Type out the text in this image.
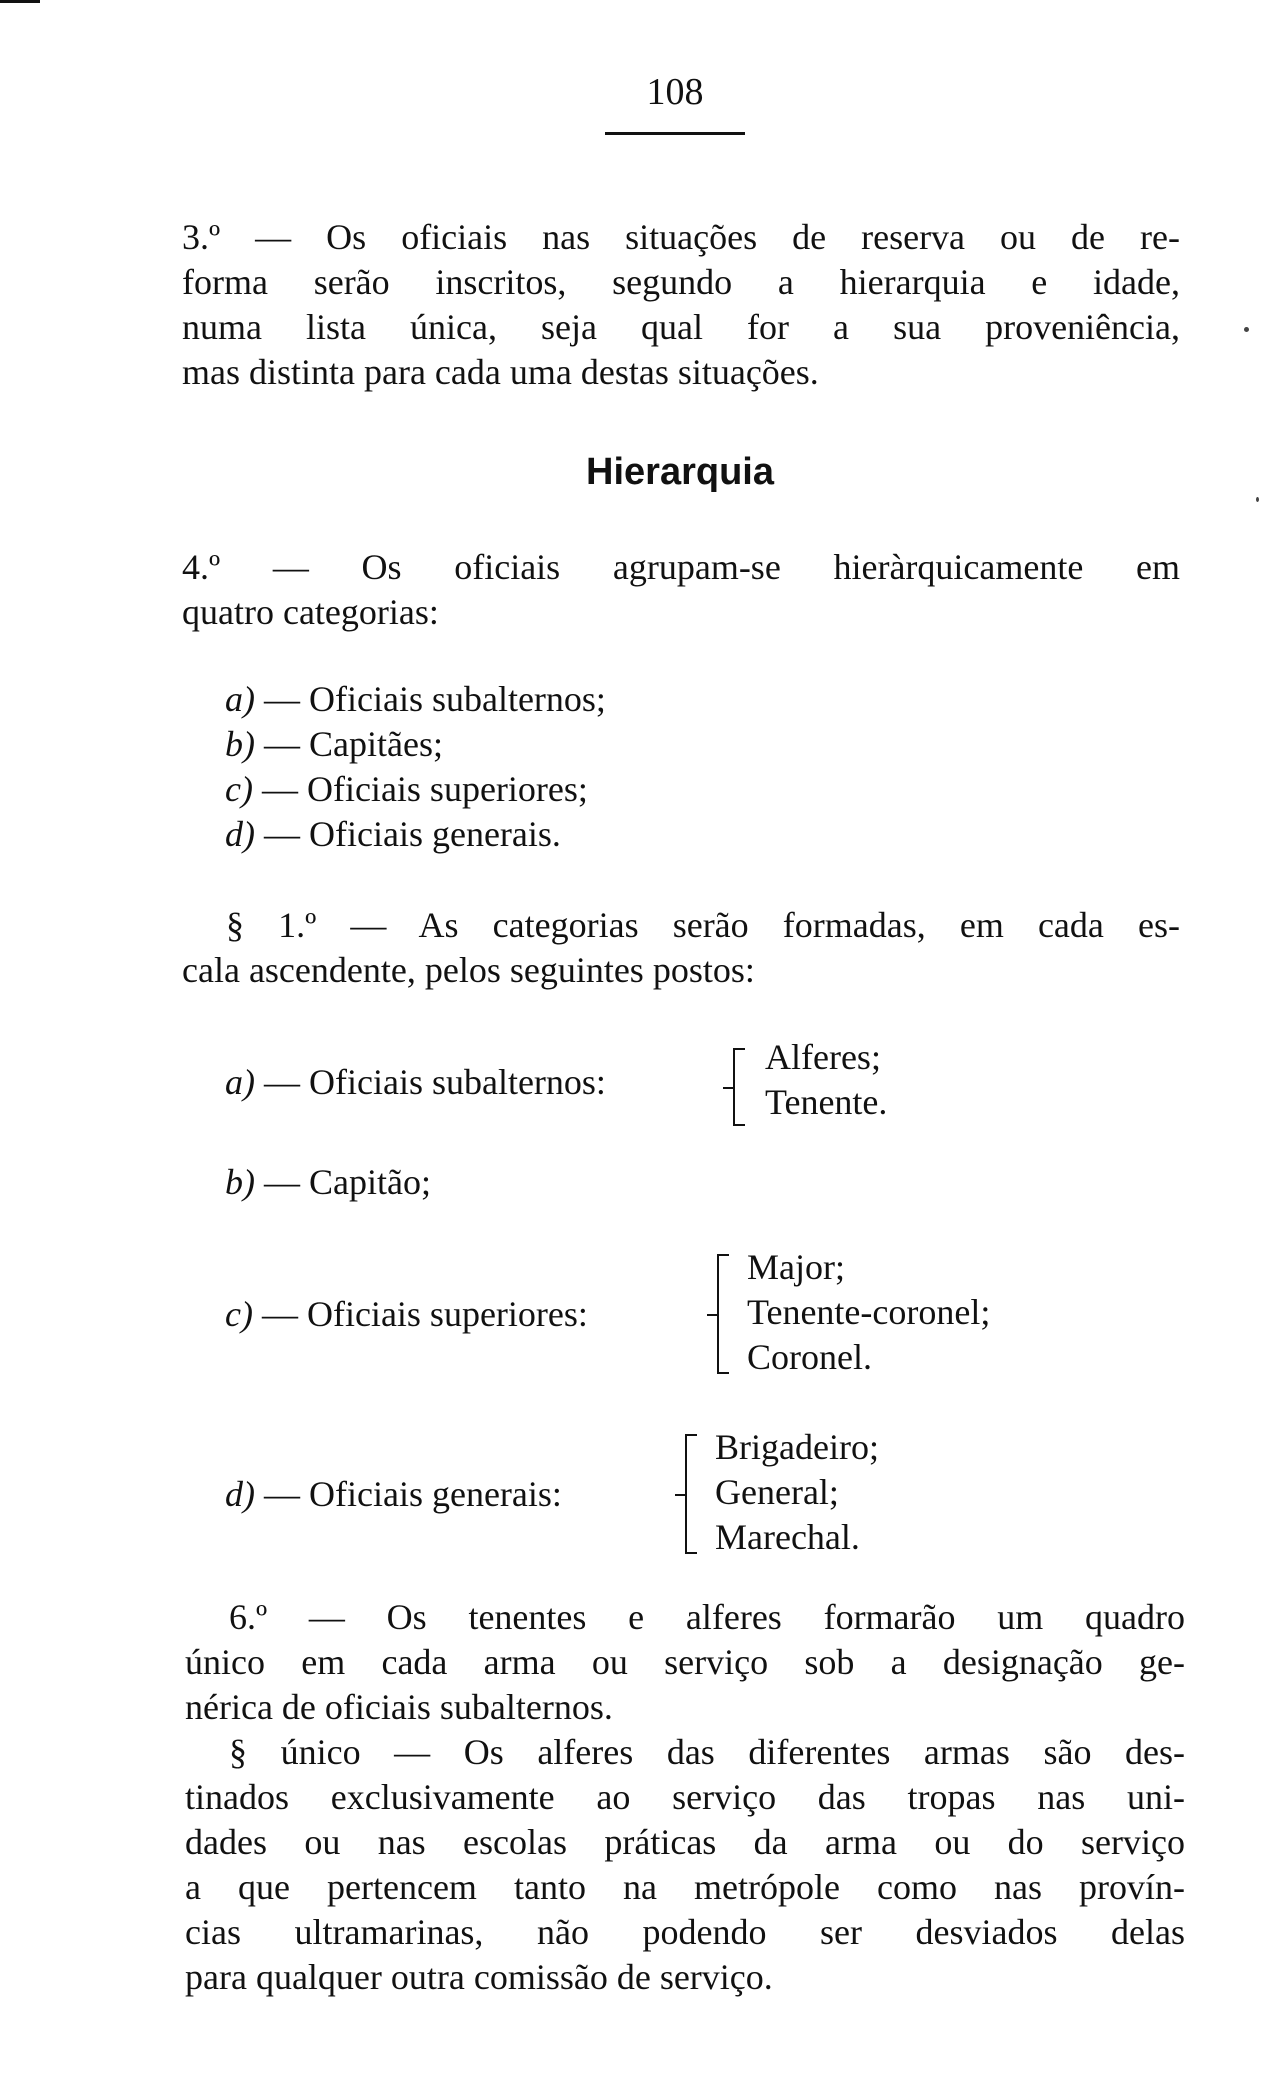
108
3.º — Os oficiais nas situações de reserva ou de re-
forma serão inscritos, segundo a hierarquia e idade,
numa lista única, seja qual for a sua proveniência,
mas distinta para cada uma destas situações.
Hierarquia
4.º — Os oficiais agrupam-se hieràrquicamente em
quatro categorias:
a) — Oficiais subalternos;
b) — Capitães;
c) — Oficiais superiores;
d) — Oficiais generais.
§ 1.º — As categorias serão formadas, em cada es-
cala ascendente, pelos seguintes postos:
a) — Oficiais subalternos:
Alferes;
Tenente.
b) — Capitão;
c) — Oficiais superiores:
Major;
Tenente-coronel;
Coronel.
d) — Oficiais generais:
Brigadeiro;
General;
Marechal.
6.º — Os tenentes e alferes formarão um quadro
único em cada arma ou serviço sob a designação ge-
nérica de oficiais subalternos.
§ único — Os alferes das diferentes armas são des-
tinados exclusivamente ao serviço das tropas nas uni-
dades ou nas escolas práticas da arma ou do serviço
a que pertencem tanto na metrópole como nas provín-
cias ultramarinas, não podendo ser desviados delas
para qualquer outra comissão de serviço.
